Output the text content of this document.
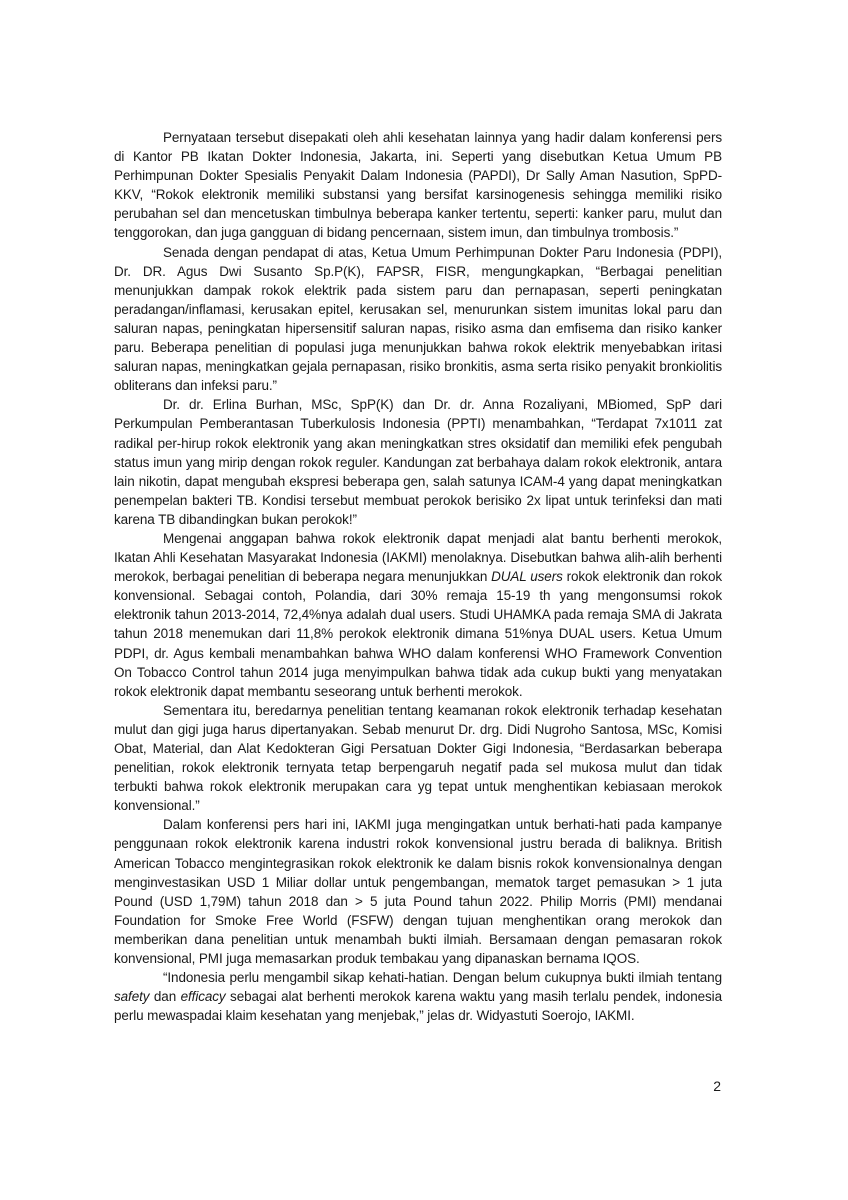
Pernyataan tersebut disepakati oleh ahli kesehatan lainnya yang hadir dalam konferensi pers di Kantor PB Ikatan Dokter Indonesia, Jakarta, ini. Seperti yang disebutkan Ketua Umum PB Perhimpunan Dokter Spesialis Penyakit Dalam Indonesia (PAPDI), Dr Sally Aman Nasution, SpPD-KKV, “Rokok elektronik memiliki substansi yang bersifat karsinogenesis sehingga memiliki risiko perubahan sel dan mencetuskan timbulnya beberapa kanker tertentu, seperti: kanker paru, mulut dan tenggorokan, dan juga gangguan di bidang pencernaan, sistem imun, dan timbulnya trombosis.”

Senada dengan pendapat di atas, Ketua Umum Perhimpunan Dokter Paru Indonesia (PDPI), Dr. DR. Agus Dwi Susanto Sp.P(K), FAPSR, FISR, mengungkapkan, “Berbagai penelitian menunjukkan dampak rokok elektrik pada sistem paru dan pernapasan, seperti peningkatan peradangan/inflamasi, kerusakan epitel, kerusakan sel, menurunkan sistem imunitas lokal paru dan saluran napas, peningkatan hipersensitif saluran napas, risiko asma dan emfisema dan risiko kanker paru. Beberapa penelitian di populasi juga menunjukkan bahwa rokok elektrik menyebabkan iritasi saluran napas, meningkatkan gejala pernapasan, risiko bronkitis, asma serta risiko penyakit bronkiolitis obliterans dan infeksi paru.”

Dr. dr. Erlina Burhan, MSc, SpP(K) dan Dr. dr. Anna Rozaliyani, MBiomed, SpP dari Perkumpulan Pemberantasan Tuberkulosis Indonesia (PPTI) menambahkan, “Terdapat 7x1011 zat radikal per-hirup rokok elektronik yang akan meningkatkan stres oksidatif dan memiliki efek pengubah status imun yang mirip dengan rokok reguler. Kandungan zat berbahaya dalam rokok elektronik, antara lain nikotin, dapat mengubah ekspresi beberapa gen, salah satunya ICAM-4 yang dapat meningkatkan penempelan bakteri TB. Kondisi tersebut membuat perokok berisiko 2x lipat untuk terinfeksi dan mati karena TB dibandingkan bukan perokok!”

Mengenai anggapan bahwa rokok elektronik dapat menjadi alat bantu berhenti merokok, Ikatan Ahli Kesehatan Masyarakat Indonesia (IAKMI) menolaknya. Disebutkan bahwa alih-alih berhenti merokok, berbagai penelitian di beberapa negara menunjukkan DUAL users rokok elektronik dan rokok konvensional. Sebagai contoh, Polandia, dari 30% remaja 15-19 th yang mengonsumsi rokok elektronik tahun 2013-2014, 72,4%nya adalah dual users. Studi UHAMKA pada remaja SMA di Jakrata tahun 2018 menemukan dari 11,8% perokok elektronik dimana 51%nya DUAL users. Ketua Umum PDPI, dr. Agus kembali menambahkan bahwa WHO dalam konferensi WHO Framework Convention On Tobacco Control tahun 2014 juga menyimpulkan bahwa tidak ada cukup bukti yang menyatakan rokok elektronik dapat membantu seseorang untuk berhenti merokok.

Sementara itu, beredarnya penelitian tentang keamanan rokok elektronik terhadap kesehatan mulut dan gigi juga harus dipertanyakan. Sebab menurut Dr. drg. Didi Nugroho Santosa, MSc, Komisi Obat, Material, dan Alat Kedokteran Gigi Persatuan Dokter Gigi Indonesia, “Berdasarkan beberapa penelitian, rokok elektronik ternyata tetap berpengaruh negatif pada sel mukosa mulut dan tidak terbukti bahwa rokok elektronik merupakan cara yg tepat untuk menghentikan kebiasaan merokok konvensional.”

Dalam konferensi pers hari ini, IAKMI juga mengingatkan untuk berhati-hati pada kampanye penggunaan rokok elektronik karena industri rokok konvensional justru berada di baliknya. British American Tobacco mengintegrasikan rokok elektronik ke dalam bisnis rokok konvensionalnya dengan menginvestasikan USD 1 Miliar dollar untuk pengembangan, mematok target pemasukan > 1 juta Pound (USD 1,79M) tahun 2018 dan > 5 juta Pound tahun 2022. Philip Morris (PMI) mendanai Foundation for Smoke Free World (FSFW) dengan tujuan menghentikan orang merokok dan memberikan dana penelitian untuk menambah bukti ilmiah. Bersamaan dengan pemasaran rokok konvensional, PMI juga memasarkan produk tembakau yang dipanaskan bernama IQOS.

“Indonesia perlu mengambil sikap kehati-hatian. Dengan belum cukupnya bukti ilmiah tentang safety dan efficacy sebagai alat berhenti merokok karena waktu yang masih terlalu pendek, indonesia perlu mewaspadai klaim kesehatan yang menjebak,” jelas dr. Widyastuti Soerojo, IAKMI.

2
